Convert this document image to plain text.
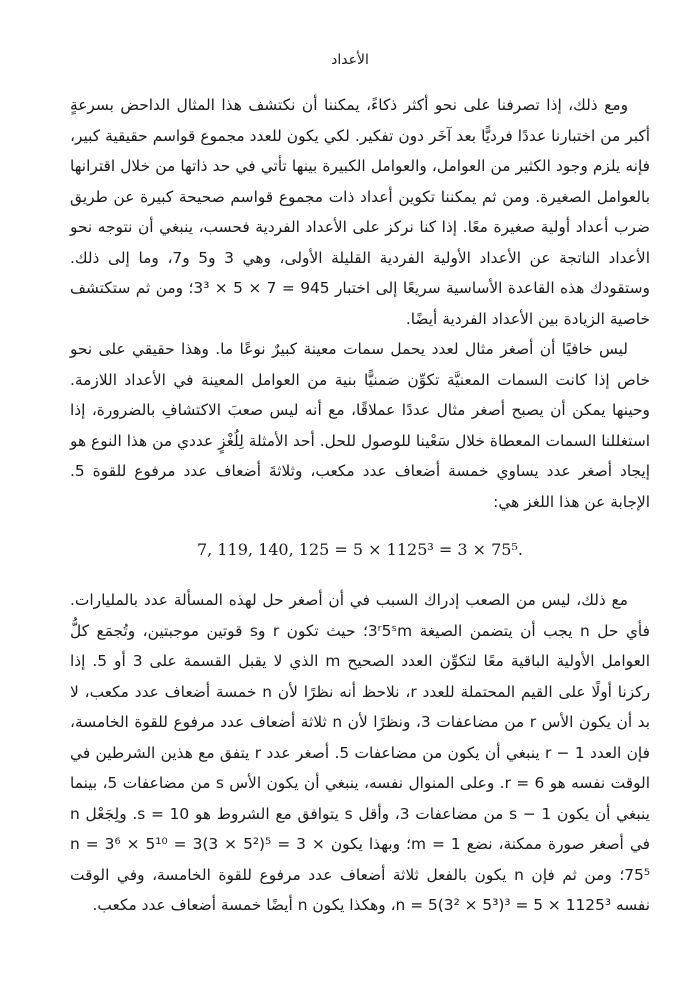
الأعداد

ومع ذلك، إذا تصرفنا على نحو أكثر ذكاءً، يمكننا أن نكتشف هذا المثال الداحض بسرعةٍ أكبر من اختبارنا عددًا فرديًّا بعد آخَر دون تفكير. لكي يكون للعدد مجموع قواسم حقيقية كبير، فإنه يلزم وجود الكثير من العوامل، والعوامل الكبيرة بينها تأتي في حد ذاتها من خلال اقترانها بالعوامل الصغيرة. ومن ثم يمكننا تكوين أعداد ذات مجموع قواسم صحيحة كبيرة عن طريق ضرب أعداد أولية صغيرة معًا. إذا كنا نركز على الأعداد الفردية فحسب، ينبغي أن نتوجه نحو الأعداد الناتجة عن الأعداد الأولية الفردية القليلة الأولى، وهي 3 و5 و7، وما إلى ذلك. وستقودك هذه القاعدة الأساسية سريعًا إلى اختبار 945 = 7 × 5 × 3³؛ ومن ثم ستكتشف خاصية الزيادة بين الأعداد الفردية أيضًا.

ليس خافيًا أن أصغر مثال لعدد يحمل سمات معينة كبيرٌ نوعًا ما. وهذا حقيقي على نحو خاص إذا كانت السمات المعنيَّة تكوِّن ضمنيًّا بنية من العوامل المعينة في الأعداد اللازمة. وحينها يمكن أن يصبح أصغر مثال عددًا عملاقًا، مع أنه ليس صعبَ الاكتشافِ بالضرورة، إذا استغللنا السمات المعطاة خلال سَعْينا للوصول للحل. أحد الأمثلة لِلُغْزٍ عددي من هذا النوع هو إيجاد أصغر عدد يساوي خمسة أضعاف عدد مكعب، وثلاثةَ أضعاف عدد مرفوع للقوة 5. الإجابة عن هذا اللغز هي:

7, 119, 140, 125 = 5 × 1125³ = 3 × 75⁵.

مع ذلك، ليس من الصعب إدراك السبب في أن أصغر حل لهذه المسألة عدد بالمليارات. فأي حل n يجب أن يتضمن الصيغة 3ʳ5ˢm؛ حيث تكون r وs قوتين موجبتين، وتُجمَع كلُّ العوامل الأولية الباقية معًا لتكوِّن العدد الصحيح m الذي لا يقبل القسمة على 3 أو 5. إذا ركزنا أولًا على القيم المحتملة للعدد r، نلاحظ أنه نظرًا لأن n خمسة أضعاف عدد مكعب، لا بد أن يكون الأس r من مضاعفات 3، ونظرًا لأن n ثلاثة أضعاف عدد مرفوع للقوة الخامسة، فإن العدد r − 1 ينبغي أن يكون من مضاعفات 5. أصغر عدد r يتفق مع هذين الشرطين في الوقت نفسه هو r = 6. وعلى المنوال نفسه، ينبغي أن يكون الأس s من مضاعفات 5، بينما ينبغي أن يكون s − 1 من مضاعفات 3، وأقل s يتوافق مع الشروط هو s = 10. ولِجَعْل n في أصغر صورة ممكنة، نضع m = 1؛ وبهذا يكون n = 3⁶ × 5¹⁰ = 3(3 × 5²)⁵ = 3 × 75⁵؛ ومن ثم فإن n يكون بالفعل ثلاثة أضعاف عدد مرفوع للقوة الخامسة، وفي الوقت نفسه n = 5(3² × 5³)³ = 5 × 1125³، وهكذا يكون n أيضًا خمسة أضعاف عدد مكعب.
